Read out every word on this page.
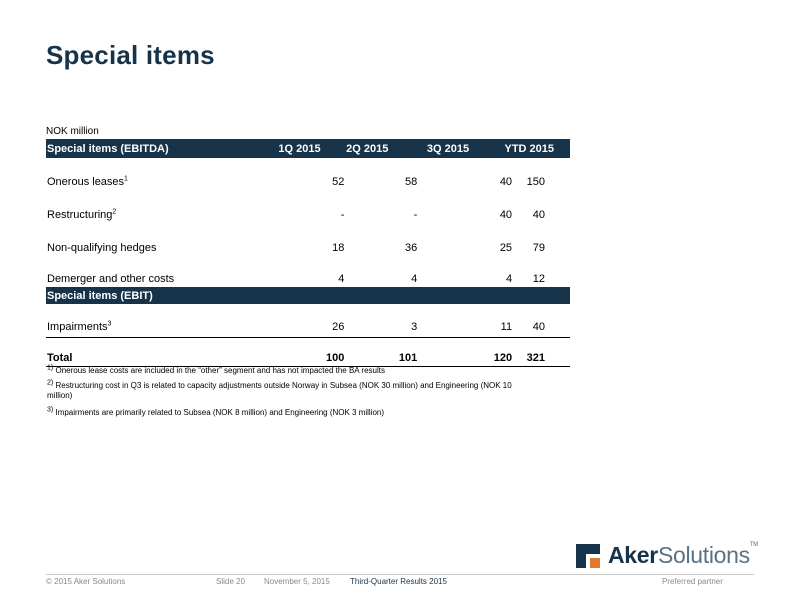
Special items
NOK million
Special items (EBITDA)	1Q 2015	2Q 2015	3Q 2015	YTD 2015
Onerous leases$^1$	52	58	40	150
Restructuring$^2$	-	-	40	40
Non-qualifying hedges	18	36	25	79
Demerger and other costs	4	4	4	12
Special items (EBIT)
Impairments$^3$	26	3	11	40
Total	100	101	120	321
$^{1)}$ Onerous lease costs are included in the “other” segment and has not impacted the BA results
$^{2)}$ Restructuring cost in Q3 is related to capacity adjustments outside Norway in Subsea (NOK 30 million) and Engineering (NOK 10 million)
$^{3)}$ Impairments are primarily related to Subsea (NOK 8 million) and Engineering (NOK 3 million)
AkerSolutions™
© 2015 Aker Solutions	Slide 20 November 5, 2015	Third-Quarter Results 2015	Preferred partner
